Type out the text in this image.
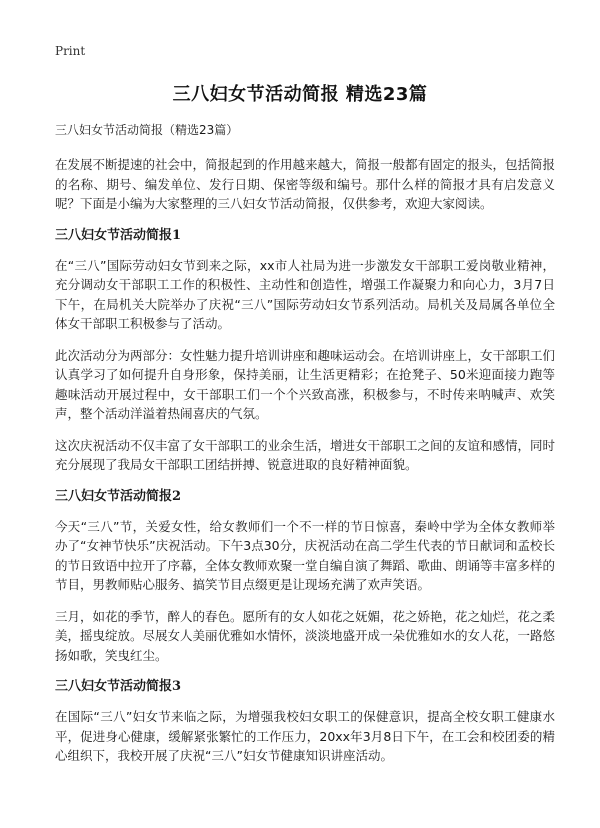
Print
三八妇女节活动简报 精选23篇
三八妇女节活动简报（精选23篇）

在发展不断提速的社会中，简报起到的作用越来越大，简报一般都有固定的报头，包括简报的名称、期号、编发单位、发行日期、保密等级和编号。那什么样的简报才具有启发意义呢？下面是小编为大家整理的三八妇女节活动简报，仅供参考，欢迎大家阅读。

三八妇女节活动简报1

在“三八”国际劳动妇女节到来之际，xx市人社局为进一步激发女干部职工爱岗敬业精神，充分调动女干部职工工作的积极性、主动性和创造性，增强工作凝聚力和向心力，3月7日下午，在局机关大院举办了庆祝“三八”国际劳动妇女节系列活动。局机关及局属各单位全体女干部职工积极参与了活动。

此次活动分为两部分：女性魅力提升培训讲座和趣味运动会。在培训讲座上，女干部职工们认真学习了如何提升自身形象，保持美丽，让生活更精彩；在抢凳子、50米迎面接力跑等趣味活动开展过程中，女干部职工们一个个兴致高涨，积极参与，不时传来呐喊声、欢笑声，整个活动洋溢着热闹喜庆的气氛。

这次庆祝活动不仅丰富了女干部职工的业余生活，增进女干部职工之间的友谊和感情，同时充分展现了我局女干部职工团结拼搏、锐意进取的良好精神面貌。

三八妇女节活动简报2

今天“三八”节，关爱女性，给女教师们一个不一样的节日惊喜，秦岭中学为全体女教师举办了“女神节快乐”庆祝活动。下午3点30分，庆祝活动在高二学生代表的节日献词和孟校长的节日致语中拉开了序幕，全体女教师欢聚一堂自编自演了舞蹈、歌曲、朗诵等丰富多样的节目，男教师贴心服务、搞笑节目点缀更是让现场充满了欢声笑语。

三月，如花的季节，醉人的春色。愿所有的女人如花之妩媚，花之娇艳，花之灿烂，花之柔美，摇曳绽放。尽展女人美丽优雅如水情怀，淡淡地盛开成一朵优雅如水的女人花，一路悠扬如歌，笑曳红尘。

三八妇女节活动简报3

在国际“三八”妇女节来临之际，为增强我校妇女职工的保健意识，提高全校女职工健康水平，促进身心健康，缓解紧张繁忙的工作压力，20xx年3月8日下午，在工会和校团委的精心组织下，我校开展了庆祝“三八”妇女节健康知识讲座活动。
